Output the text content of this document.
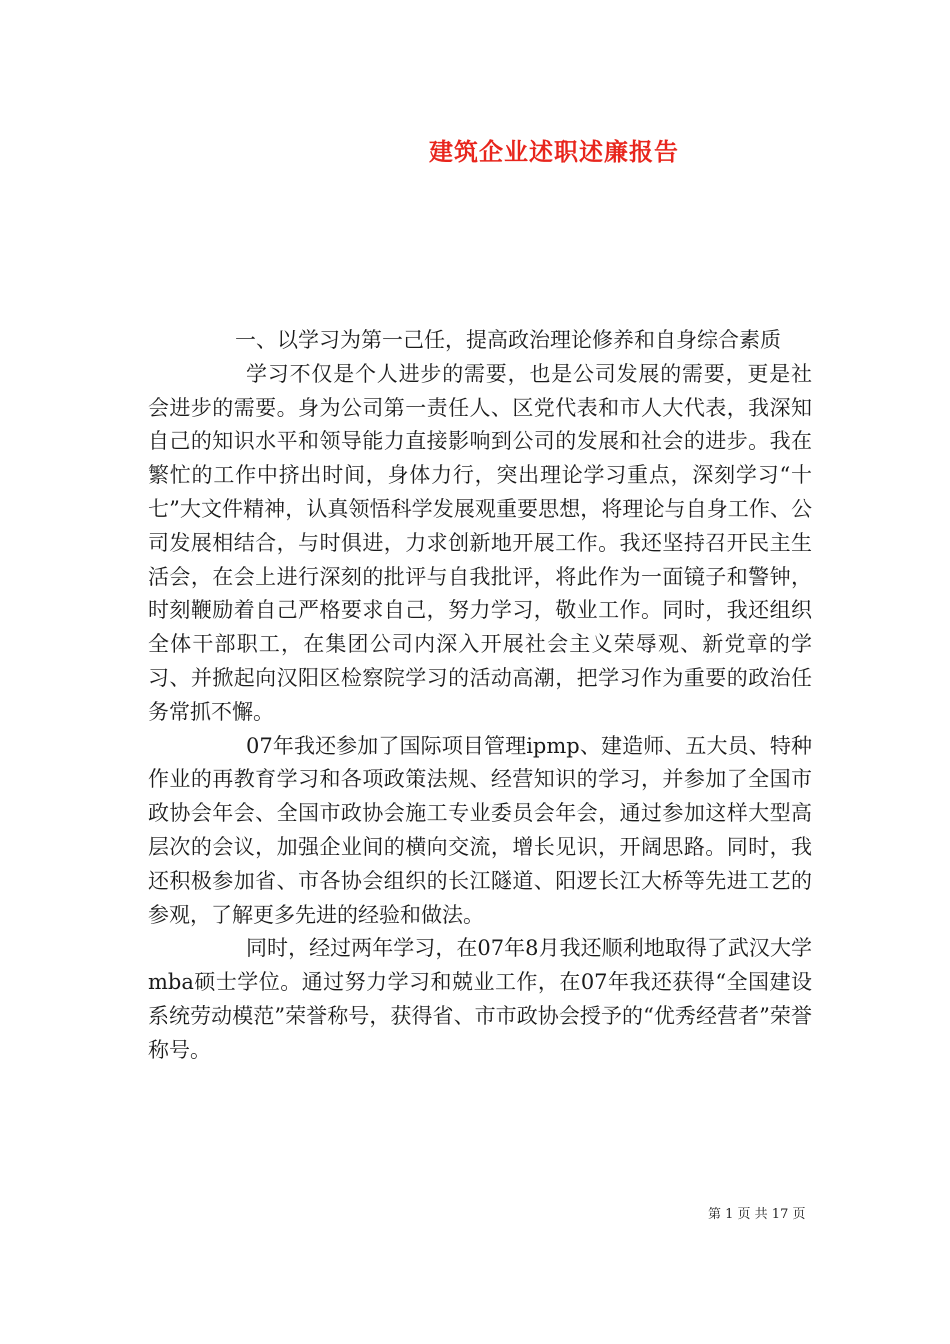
建筑企业述职述廉报告

一、以学习为第一己任，提高政治理论修养和自身综合素质

学习不仅是个人进步的需要，也是公司发展的需要，更是社会进步的需要。身为公司第一责任人、区党代表和市人大代表，我深知自己的知识水平和领导能力直接影响到公司的发展和社会的进步。我在繁忙的工作中挤出时间，身体力行，突出理论学习重点，深刻学习“十七”大文件精神，认真领悟科学发展观重要思想，将理论与自身工作、公司发展相结合，与时俱进，力求创新地开展工作。我还坚持召开民主生活会，在会上进行深刻的批评与自我批评，将此作为一面镜子和警钟，时刻鞭励着自己严格要求自己，努力学习，敬业工作。同时，我还组织全体干部职工，在集团公司内深入开展社会主义荣辱观、新党章的学习、并掀起向汉阳区检察院学习的活动高潮，把学习作为重要的政治任务常抓不懈。

07年我还参加了国际项目管理ipmp、建造师、五大员、特种作业的再教育学习和各项政策法规、经营知识的学习，并参加了全国市政协会年会、全国市政协会施工专业委员会年会，通过参加这样大型高层次的会议，加强企业间的横向交流，增长见识，开阔思路。同时，我还积极参加省、市各协会组织的长江隧道、阳逻长江大桥等先进工艺的参观，了解更多先进的经验和做法。

同时，经过两年学习，在07年8月我还顺利地取得了武汉大学mba硕士学位。通过努力学习和兢业工作，在07年我还获得“全国建设系统劳动模范”荣誉称号，获得省、市市政协会授予的“优秀经营者”荣誉称号。

第 1 页 共 17 页
